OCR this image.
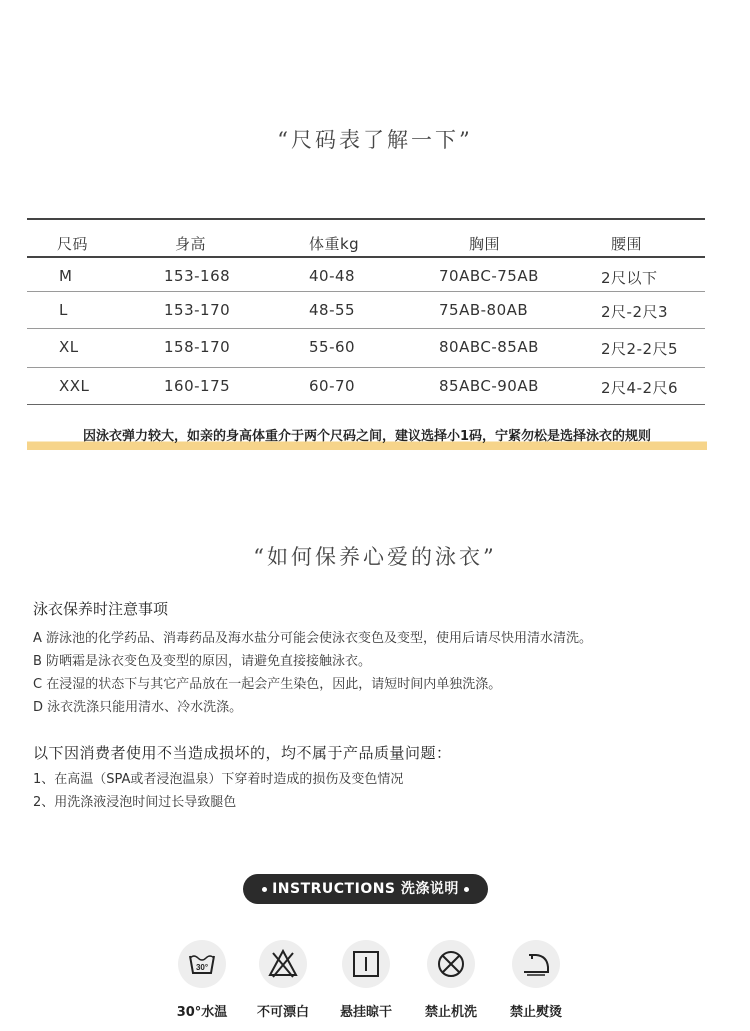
“尺码表了解一下”
尺码	身高	体重kg	胸围	腰围
M	153-168	40-48	70ABC-75AB	2尺以下
L	153-170	48-55	75AB-80AB	2尺-2尺3
XL	158-170	55-60	80ABC-85AB	2尺2-2尺5
XXL	160-175	60-70	85ABC-90AB	2尺4-2尺6
因泳衣弹力较大，如亲的身高体重介于两个尺码之间，建议选择小1码，宁紧勿松是选择泳衣的规则
“如何保养心爱的泳衣”
泳衣保养时注意事项

A 游泳池的化学药品、消毒药品及海水盐分可能会使泳衣变色及变型，使用后请尽快用清水清洗。

B 防晒霜是泳衣变色及变型的原因，请避免直接接触泳衣。

C 在浸湿的状态下与其它产品放在一起会产生染色，因此，请短时间内单独洗涤。

D 泳衣洗涤只能用清水、冷水洗涤。

以下因消费者使用不当造成损坏的，均不属于产品质量问题：

1、在高温（SPA或者浸泡温泉）下穿着时造成的损伤及变色情况

2、用洗涤液浸泡时间过长导致腿色

INSTRUCTIONS 洗涤说明
30°
30°水温	不可漂白	悬挂晾干	禁止机洗	禁止熨烫
